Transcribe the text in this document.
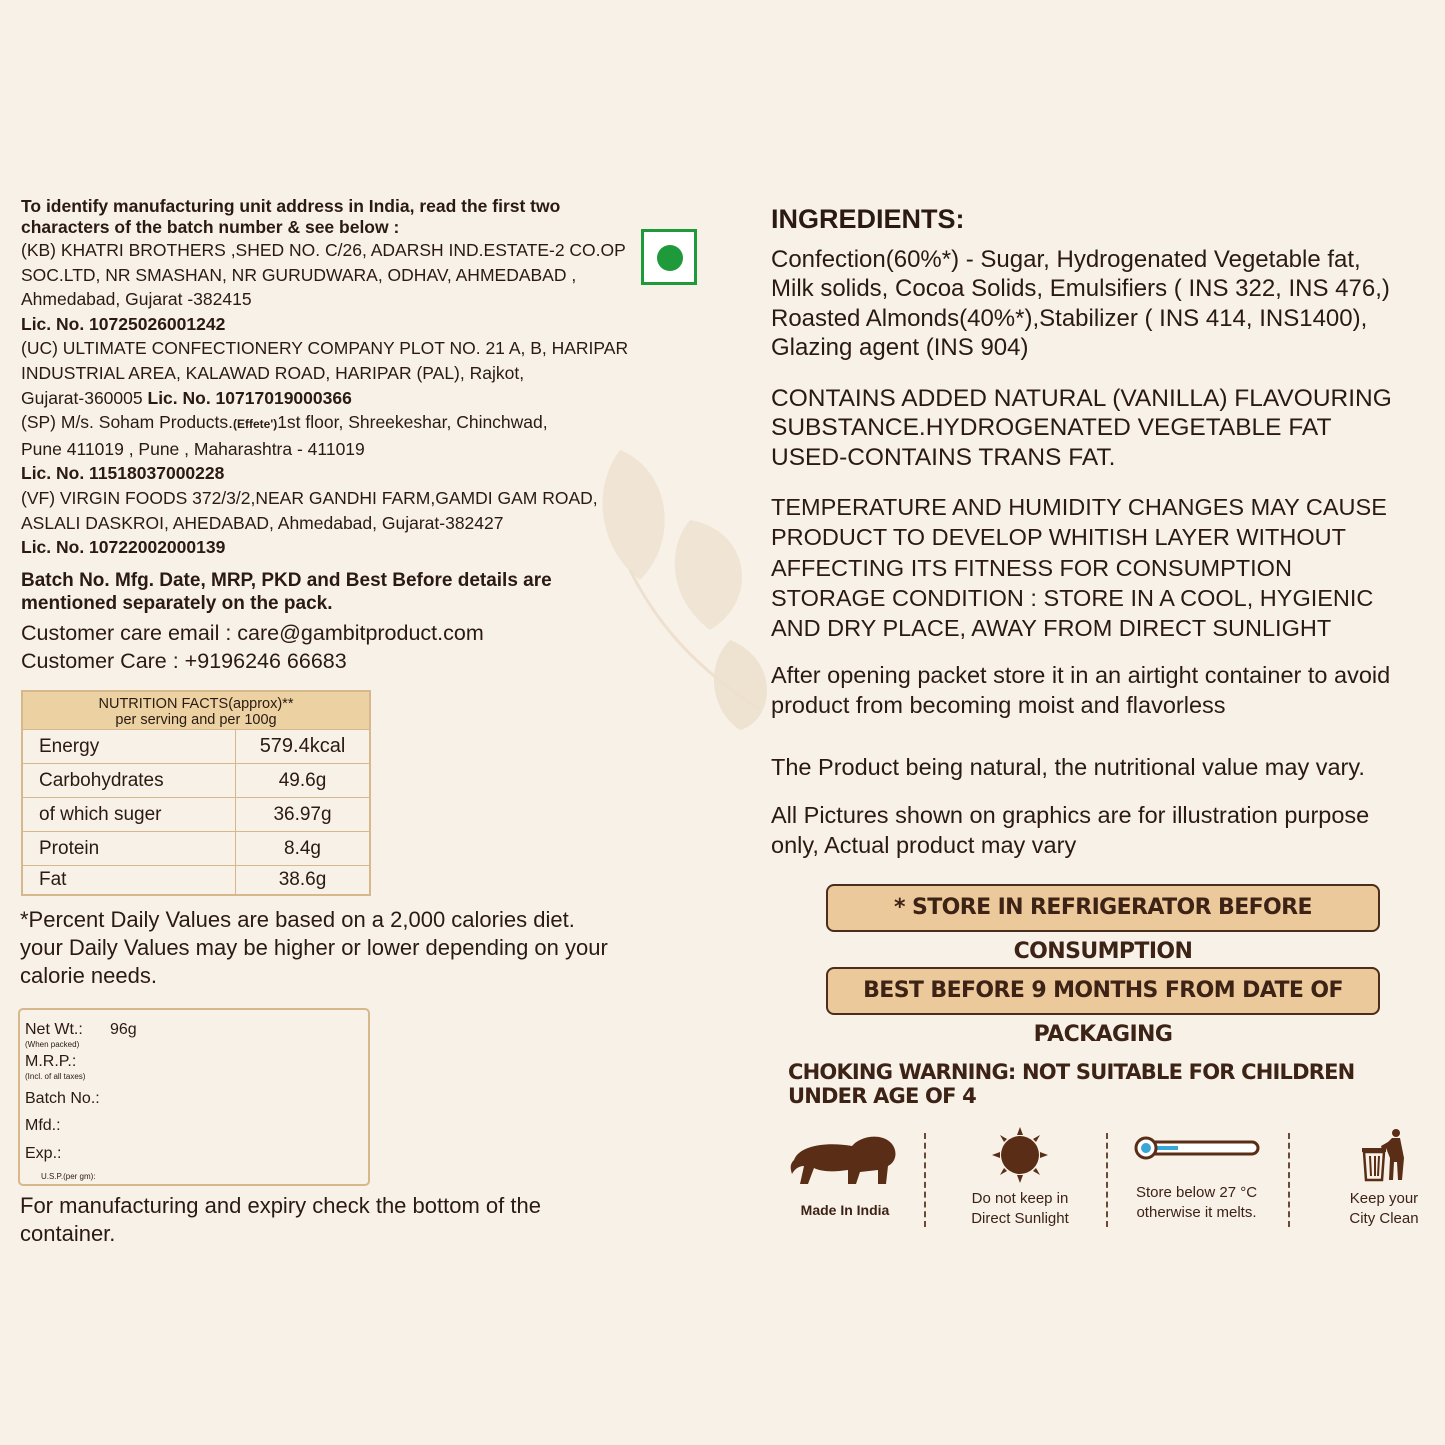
To identify manufacturing unit address in India, read the first two characters of the batch number & see below :

(KB) KHATRI BROTHERS ,SHED NO. C/26, ADARSH IND.ESTATE-2 CO.OP
SOC.LTD, NR SMASHAN, NR GURUDWARA, ODHAV, AHMEDABAD ,
Ahmedabad, Gujarat -382415
Lic. No. 10725026001242
(UC) ULTIMATE CONFECTIONERY COMPANY PLOT NO. 21 A, B, HARIPAR
INDUSTRIAL AREA, KALAWAD ROAD, HARIPAR (PAL), Rajkot,
Gujarat-360005 Lic. No. 10717019000366
(SP) M/s. Soham Products.(Effete')1st floor, Shreekeshar, Chinchwad,
Pune 411019 , Pune , Maharashtra - 411019
Lic. No. 11518037000228
(VF) VIRGIN FOODS 372/3/2,NEAR GANDHI FARM,GAMDI GAM ROAD,
ASLALI DASKROI, AHEDABAD, Ahmedabad, Gujarat-382427
Lic. No. 10722002000139
Batch No. Mfg. Date, MRP, PKD and Best Before details are mentioned separately on the pack.
Customer care email : care@gambitproduct.com
Customer Care : +9196246 66683
NUTRITION FACTS(approx)**
per serving and per 100g	

Energy	579.4kcal
Carbohydrates	49.6g
of which suger	36.97g
Protein	8.4g
Fat	38.6g
*Percent Daily Values are based on a 2,000 calories diet. your Daily Values may be higher or lower depending on your calorie needs.
Net Wt.: 96g
(When packed)
M.R.P.:
(Incl. of all taxes)
Batch No.:
Mfd.:
Exp.:
U.S.P.(per gm):
For manufacturing and expiry check the bottom of the container.

INGREDIENTS:

Confection(60%*) - Sugar, Hydrogenated Vegetable fat,
Milk solids, Cocoa Solids, Emulsifiers ( INS 322, INS 476,)
Roasted Almonds(40%*),Stabilizer ( INS 414, INS1400),
Glazing agent (INS 904)
CONTAINS ADDED NATURAL (VANILLA) FLAVOURING
SUBSTANCE.HYDROGENATED VEGETABLE FAT
USED-CONTAINS TRANS FAT.
TEMPERATURE AND HUMIDITY CHANGES MAY CAUSE
PRODUCT TO DEVELOP WHITISH LAYER WITHOUT
AFFECTING ITS FITNESS FOR CONSUMPTION
STORAGE CONDITION : STORE IN A COOL, HYGIENIC
AND DRY PLACE, AWAY FROM DIRECT SUNLIGHT
After opening packet store it in an airtight container to avoid
product from becoming moist and flavorless
The Product being natural, the nutritional value may vary.
All Pictures shown on graphics are for illustration purpose
only, Actual product may vary
* STORE IN REFRIGERATOR BEFORE CONSUMPTION
BEST BEFORE 9 MONTHS FROM DATE OF PACKAGING
CHOKING WARNING: NOT SUITABLE FOR CHILDREN UNDER AGE OF 4
Made In India
Do not keep in
Direct Sunlight
Store below 27 °C
otherwise it melts.
Keep your
City Clean
